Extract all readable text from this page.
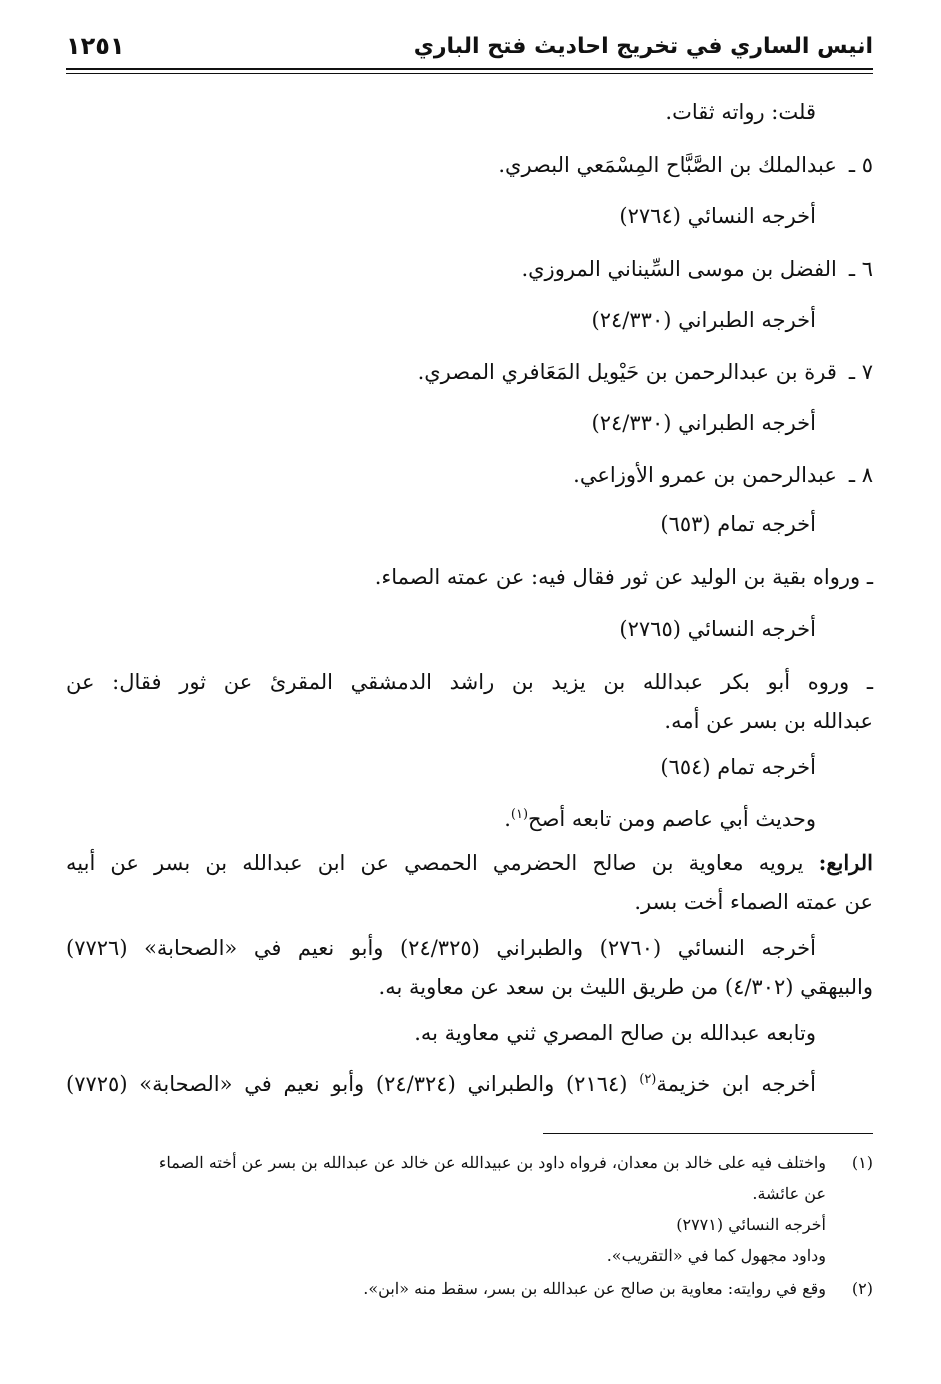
انيس الساري في تخريج احاديث فتح الباري
١٢٥١
قلت: رواته ثقات.
٥ ـعبدالملك بن الصَّبَّاح المِسْمَعي البصري.
أخرجه النسائي (٢٧٦٤)
٦ ـالفضل بن موسى السِّيناني المروزي.
أخرجه الطبراني (٢٤/٣٣٠)
٧ ـقرة بن عبدالرحمن بن حَيْويل المَعَافري المصري.
أخرجه الطبراني (٢٤/٣٣٠)
٨ ـعبدالرحمن بن عمرو الأوزاعي.
أخرجه تمام (٦٥٣)
ـ ورواه بقية بن الوليد عن ثور فقال فيه: عن عمته الصماء.
أخرجه النسائي (٢٧٦٥)
ـ وروه أبو بكر عبدالله بن يزيد بن راشد الدمشقي المقرئ عن ثور فقال: عن
عبدالله بن بسر عن أمه.
أخرجه تمام (٦٥٤)
وحديث أبي عاصم ومن تابعه أصح$^{(١)}$.
الرابع: يرويه معاوية بن صالح الحضرمي الحمصي عن ابن عبدالله بن بسر عن أبيه
عن عمته الصماء أخت بسر.
أخرجه النسائي (٢٧٦٠) والطبراني (٢٤/٣٢٥) وأبو نعيم في «الصحابة» (٧٧٢٦)
والبيهقي (٤/٣٠٢) من طريق الليث بن سعد عن معاوية به.
وتابعه عبدالله بن صالح المصري ثني معاوية به.
أخرجه ابن خزيمة$^{(٢)}$ (٢١٦٤) والطبراني (٢٤/٣٢٤) وأبو نعيم في «الصحابة» (٧٧٢٥)
(١)
واختلف فيه على خالد بن معدان، فرواه داود بن عبيدالله عن خالد عن عبدالله بن بسر عن أخته الصماء
عن عائشة.
أخرجه النسائي (٢٧٧١)
وداود مجهول كما في «التقريب».
(٢)
وقع في روايته: معاوية بن صالح عن عبدالله بن بسر، سقط منه «ابن».
